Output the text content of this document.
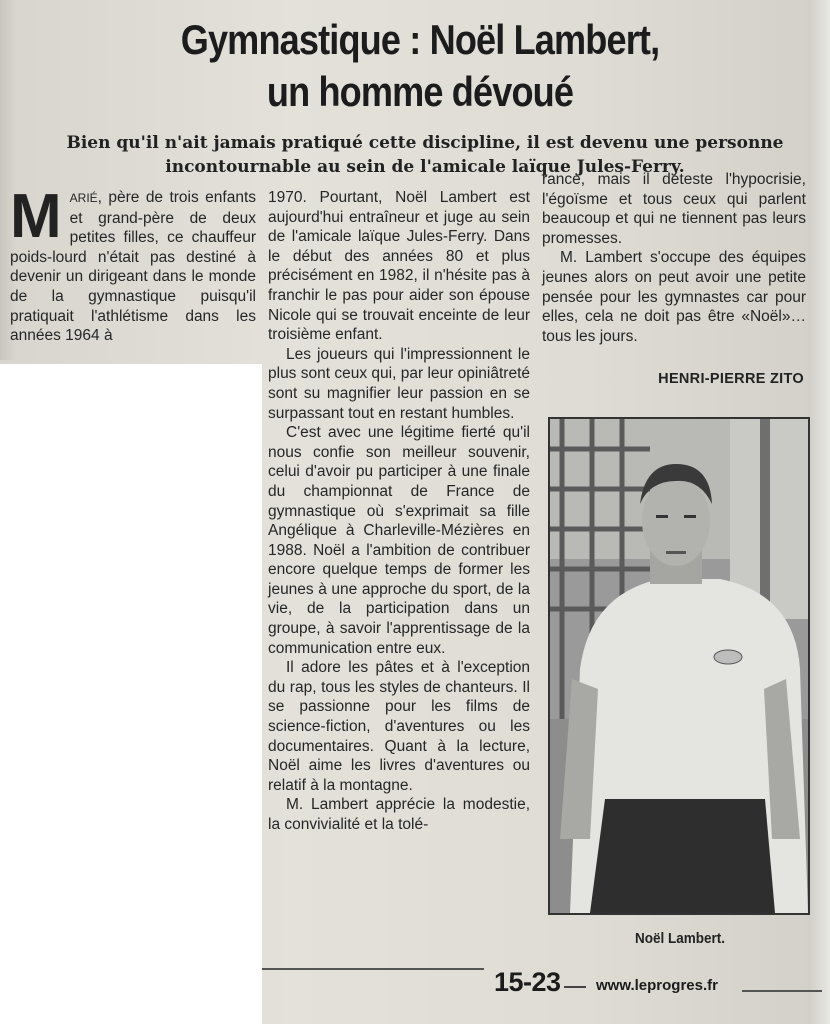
Gymnastique : Noël Lambert,
un homme dévoué
Bien qu'il n'ait jamais pratiqué cette discipline, il est devenu une personne
incontournable au sein de l'amicale laïque Jules-Ferry.

MARIÉ, père de trois enfants et grand-père de deux petites filles, ce chauffeur poids-lourd n'était pas destiné à devenir un dirigeant dans le monde de la gymnastique puisqu'il pratiquait l'athlétisme dans les années 1964 à

1970. Pourtant, Noël Lambert est aujourd'hui entraîneur et juge au sein de l'amicale laïque Jules-Ferry. Dans le début des années 80 et plus précisément en 1982, il n'hésite pas à franchir le pas pour aider son épouse Nicole qui se trouvait enceinte de leur troisième enfant.

Les joueurs qui l'impressionnent le plus sont ceux qui, par leur opiniâtreté sont su magnifier leur passion en se surpassant tout en restant humbles.

C'est avec une légitime fierté qu'il nous confie son meilleur souvenir, celui d'avoir pu participer à une finale du championnat de France de gymnastique où s'exprimait sa fille Angélique à Charleville-Mézières en 1988. Noël a l'ambition de contribuer encore quelque temps de former les jeunes à une approche du sport, de la vie, de la participation dans un groupe, à savoir l'apprentissage de la communication entre eux.

Il adore les pâtes et à l'exception du rap, tous les styles de chanteurs. Il se passionne pour les films de science-fiction, d'aventures ou les documentaires. Quant à la lecture, Noël aime les livres d'aventures ou relatif à la montagne.

M. Lambert apprécie la modestie, la convivialité et la tolé-

rance, mais il déteste l'hypocrisie, l'égoïsme et tous ceux qui parlent beaucoup et qui ne tiennent pas leurs promesses.

M. Lambert s'occupe des équipes jeunes alors on peut avoir une petite pensée pour les gymnastes car pour elles, cela ne doit pas être «Noël»… tous les jours.

HENRI-PIERRE ZITO
Noël Lambert.
15-23 www.leprogres.fr
